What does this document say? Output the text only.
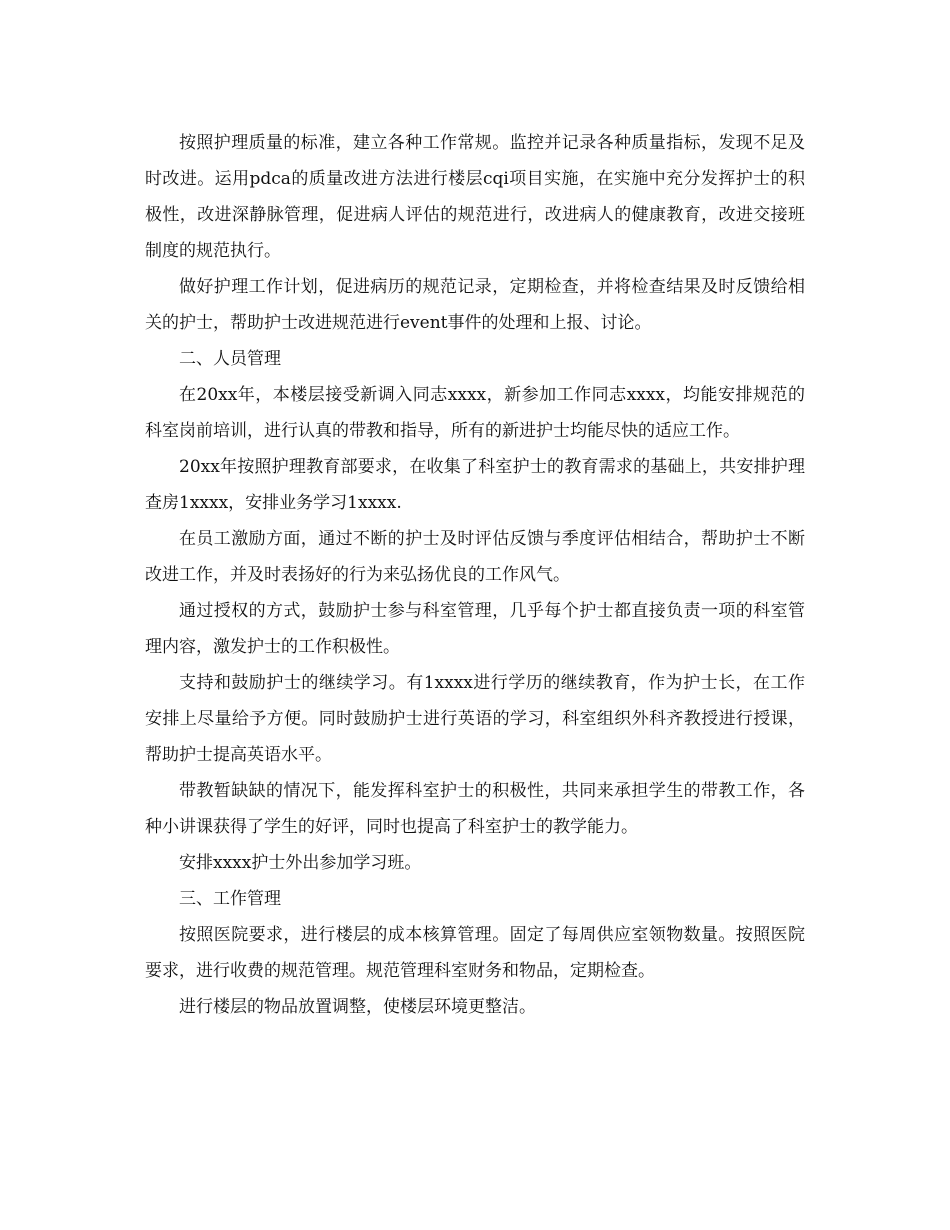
按照护理质量的标准，建立各种工作常规。监控并记录各种质量指标，发现不足及时改进。运用pdca的质量改进方法进行楼层cqi项目实施，在实施中充分发挥护士的积极性，改进深静脉管理，促进病人评估的规范进行，改进病人的健康教育，改进交接班制度的规范执行。

做好护理工作计划，促进病历的规范记录，定期检查，并将检查结果及时反馈给相关的护士，帮助护士改进规范进行event事件的处理和上报、讨论。

二、人员管理

在20xx年，本楼层接受新调入同志xxxx，新参加工作同志xxxx，均能安排规范的科室岗前培训，进行认真的带教和指导，所有的新进护士均能尽快的适应工作。

20xx年按照护理教育部要求，在收集了科室护士的教育需求的基础上，共安排护理查房1xxxx，安排业务学习1xxxx.

在员工激励方面，通过不断的护士及时评估反馈与季度评估相结合，帮助护士不断改进工作，并及时表扬好的行为来弘扬优良的工作风气。

通过授权的方式，鼓励护士参与科室管理，几乎每个护士都直接负责一项的科室管理内容，激发护士的工作积极性。

支持和鼓励护士的继续学习。有1xxxx进行学历的继续教育，作为护士长，在工作安排上尽量给予方便。同时鼓励护士进行英语的学习，科室组织外科齐教授进行授课，帮助护士提高英语水平。

带教暂缺缺的情况下，能发挥科室护士的积极性，共同来承担学生的带教工作，各种小讲课获得了学生的好评，同时也提高了科室护士的教学能力。

安排xxxx护士外出参加学习班。

三、工作管理

按照医院要求，进行楼层的成本核算管理。固定了每周供应室领物数量。按照医院要求，进行收费的规范管理。规范管理科室财务和物品，定期检查。

进行楼层的物品放置调整，使楼层环境更整洁。
